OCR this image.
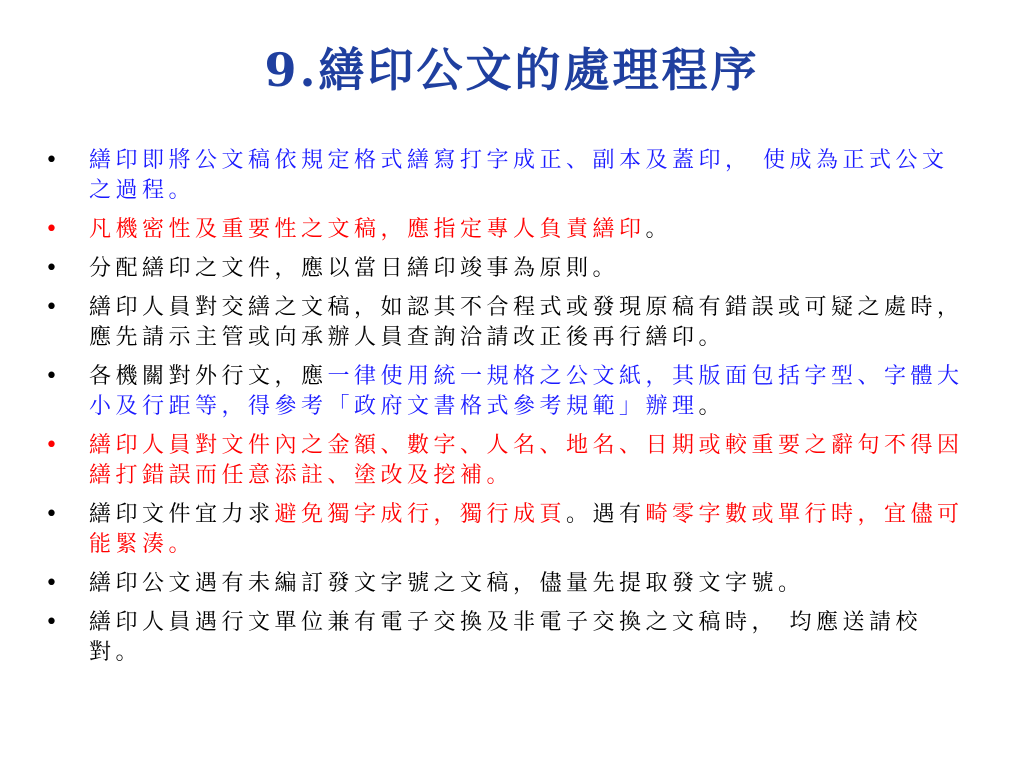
9.繕印公文的處理程序
• 繕印即將公文稿依規定格式繕寫打字成正、副本及蓋印， 使成為正式公文之過程。
• 凡機密性及重要性之文稿，應指定專人負責繕印。
• 分配繕印之文件，應以當日繕印竣事為原則。
• 繕印人員對交繕之文稿，如認其不合程式或發現原稿有錯誤或可疑之處時，應先請示主管或向承辦人員查詢洽請改正後再行繕印。
• 各機關對外行文，應一律使用統一規格之公文紙，其版面包括字型、字體大小及行距等，得參考「政府文書格式參考規範」辦理。
• 繕印人員對文件內之金額、數字、人名、地名、日期或較重要之辭句不得因繕打錯誤而任意添註、塗改及挖補。
• 繕印文件宜力求避免獨字成行，獨行成頁。遇有畸零字數或單行時，宜儘可能緊湊。
• 繕印公文遇有未編訂發文字號之文稿，儘量先提取發文字號。
• 繕印人員遇行文單位兼有電子交換及非電子交換之文稿時， 均應送請校對。
